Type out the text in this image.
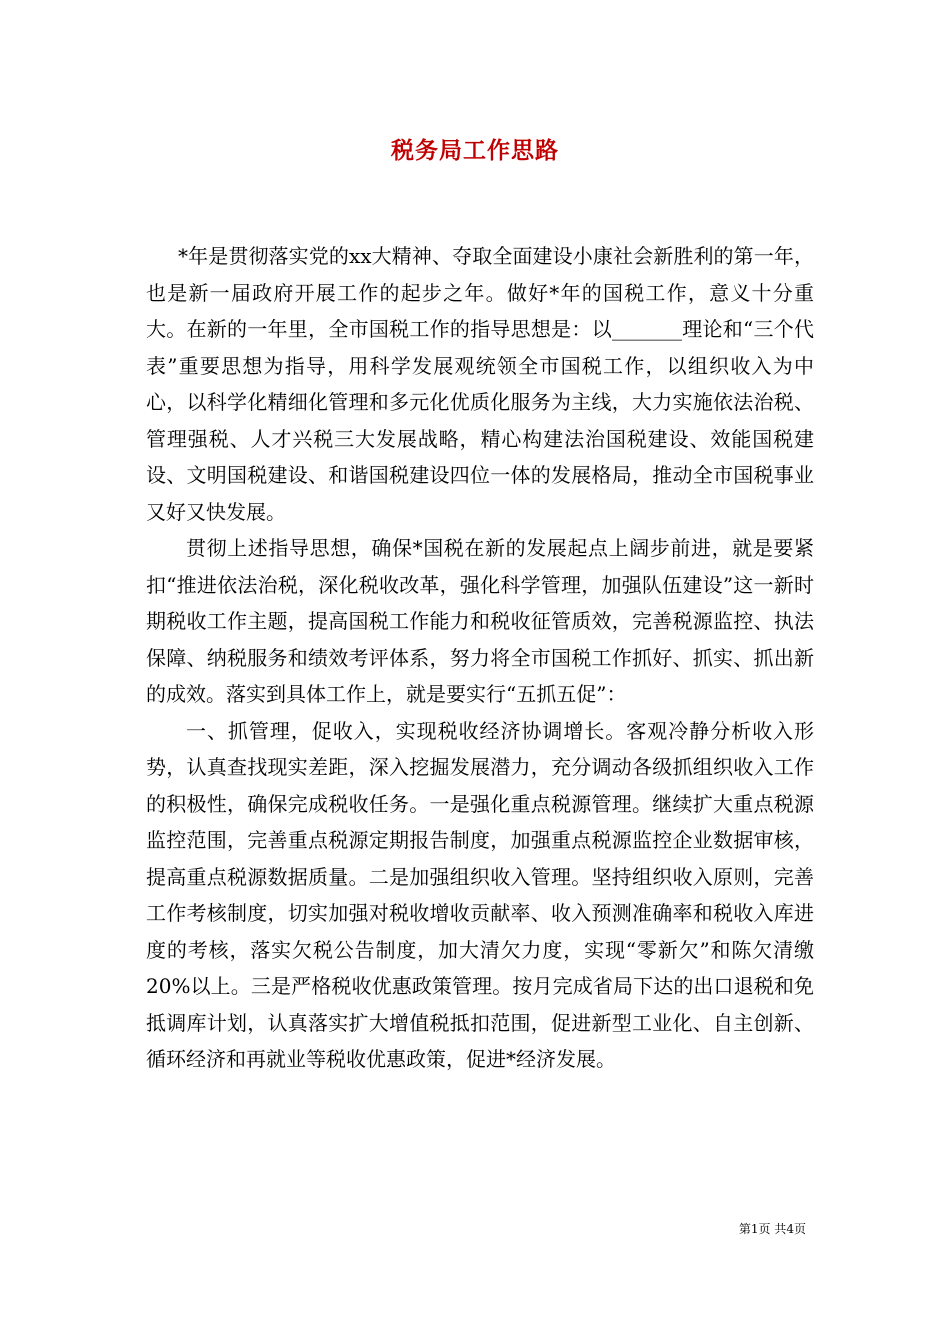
税务局工作思路

*年是贯彻落实党的xx大精神、夺取全面建设小康社会新胜利的第一年，也是新一届政府开展工作的起步之年。做好*年的国税工作，意义十分重大。在新的一年里，全市国税工作的指导思想是：以_______理论和“三个代表”重要思想为指导，用科学发展观统领全市国税工作，以组织收入为中心，以科学化精细化管理和多元化优质化服务为主线，大力实施依法治税、管理强税、人才兴税三大发展战略，精心构建法治国税建设、效能国税建设、文明国税建设、和谐国税建设四位一体的发展格局，推动全市国税事业又好又快发展。

贯彻上述指导思想，确保*国税在新的发展起点上阔步前进，就是要紧扣“推进依法治税，深化税收改革，强化科学管理，加强队伍建设”这一新时期税收工作主题，提高国税工作能力和税收征管质效，完善税源监控、执法保障、纳税服务和绩效考评体系，努力将全市国税工作抓好、抓实、抓出新的成效。落实到具体工作上，就是要实行“五抓五促”：

一、抓管理，促收入，实现税收经济协调增长。客观冷静分析收入形势，认真查找现实差距，深入挖掘发展潜力，充分调动各级抓组织收入工作的积极性，确保完成税收任务。一是强化重点税源管理。继续扩大重点税源监控范围，完善重点税源定期报告制度，加强重点税源监控企业数据审核，提高重点税源数据质量。二是加强组织收入管理。坚持组织收入原则，完善工作考核制度，切实加强对税收增收贡献率、收入预测准确率和税收入库进度的考核，落实欠税公告制度，加大清欠力度，实现“零新欠”和陈欠清缴20%以上。三是严格税收优惠政策管理。按月完成省局下达的出口退税和免抵调库计划，认真落实扩大增值税抵扣范围，促进新型工业化、自主创新、循环经济和再就业等税收优惠政策，促进*经济发展。

第1页 共4页
